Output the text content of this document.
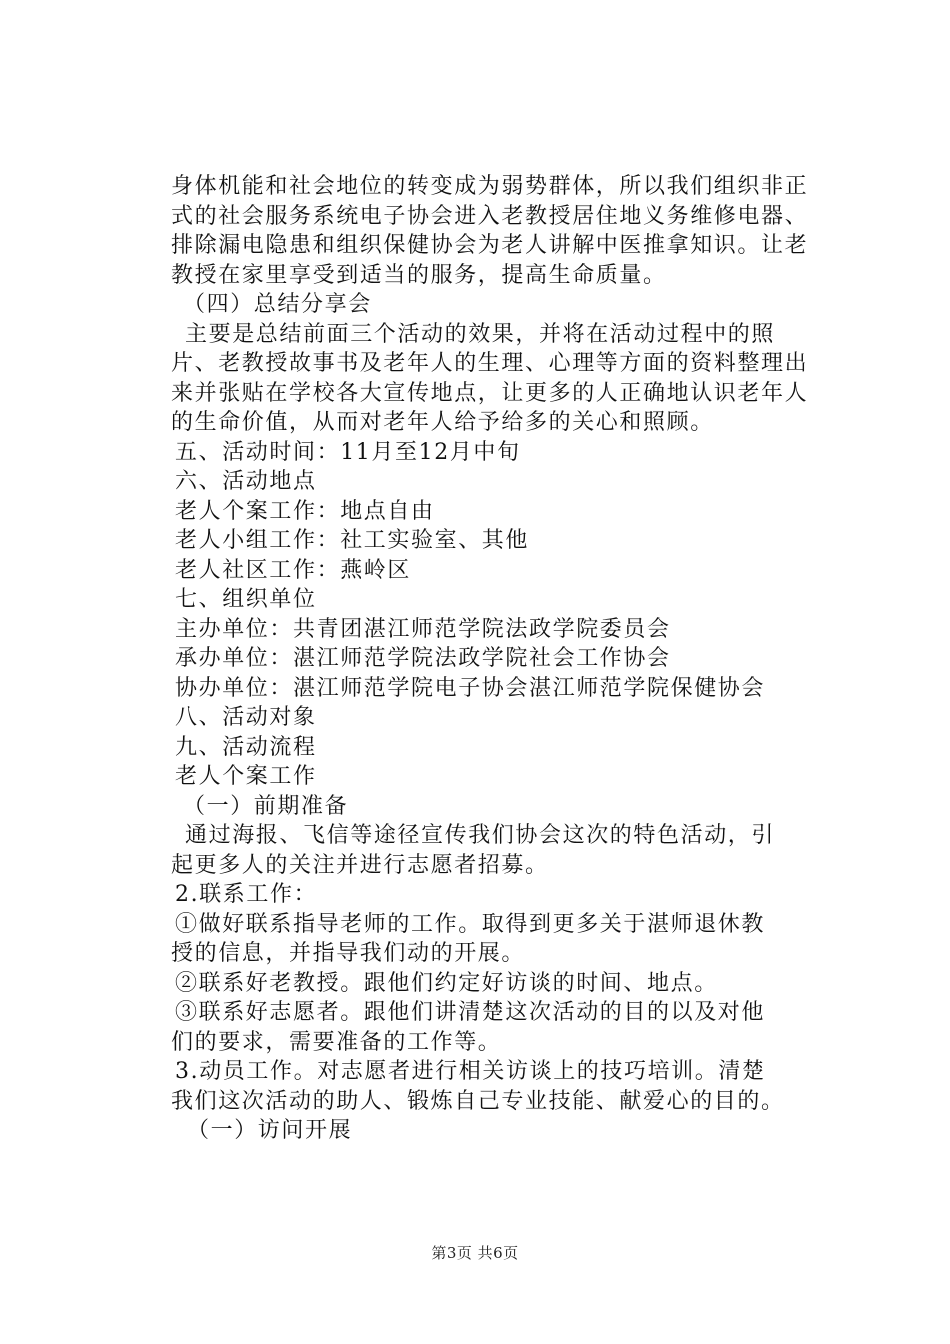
身体机能和社会地位的转变成为弱势群体，所以我们组织非正
式的社会服务系统电子协会进入老教授居住地义务维修电器、
排除漏电隐患和组织保健协会为老人讲解中医推拿知识。让老
教授在家里享受到适当的服务，提高生命质量。
（四）总结分享会
主要是总结前面三个活动的效果，并将在活动过程中的照
片、老教授故事书及老年人的生理、心理等方面的资料整理出
来并张贴在学校各大宣传地点，让更多的人正确地认识老年人
的生命价值，从而对老年人给予给多的关心和照顾。
五、活动时间：11月至12月中旬
六、活动地点
老人个案工作：地点自由
老人小组工作：社工实验室、其他
老人社区工作：燕岭区
七、组织单位
主办单位：共青团湛江师范学院法政学院委员会
承办单位：湛江师范学院法政学院社会工作协会
协办单位：湛江师范学院电子协会湛江师范学院保健协会
八、活动对象
九、活动流程
老人个案工作
（一）前期准备
通过海报、飞信等途径宣传我们协会这次的特色活动，引
起更多人的关注并进行志愿者招募。
2.联系工作：
①做好联系指导老师的工作。取得到更多关于湛师退休教
授的信息，并指导我们动的开展。
②联系好老教授。跟他们约定好访谈的时间、地点。
③联系好志愿者。跟他们讲清楚这次活动的目的以及对他
们的要求，需要准备的工作等。
3.动员工作。对志愿者进行相关访谈上的技巧培训。清楚
我们这次活动的助人、锻炼自己专业技能、献爱心的目的。
（一）访问开展
第3页 共6页
